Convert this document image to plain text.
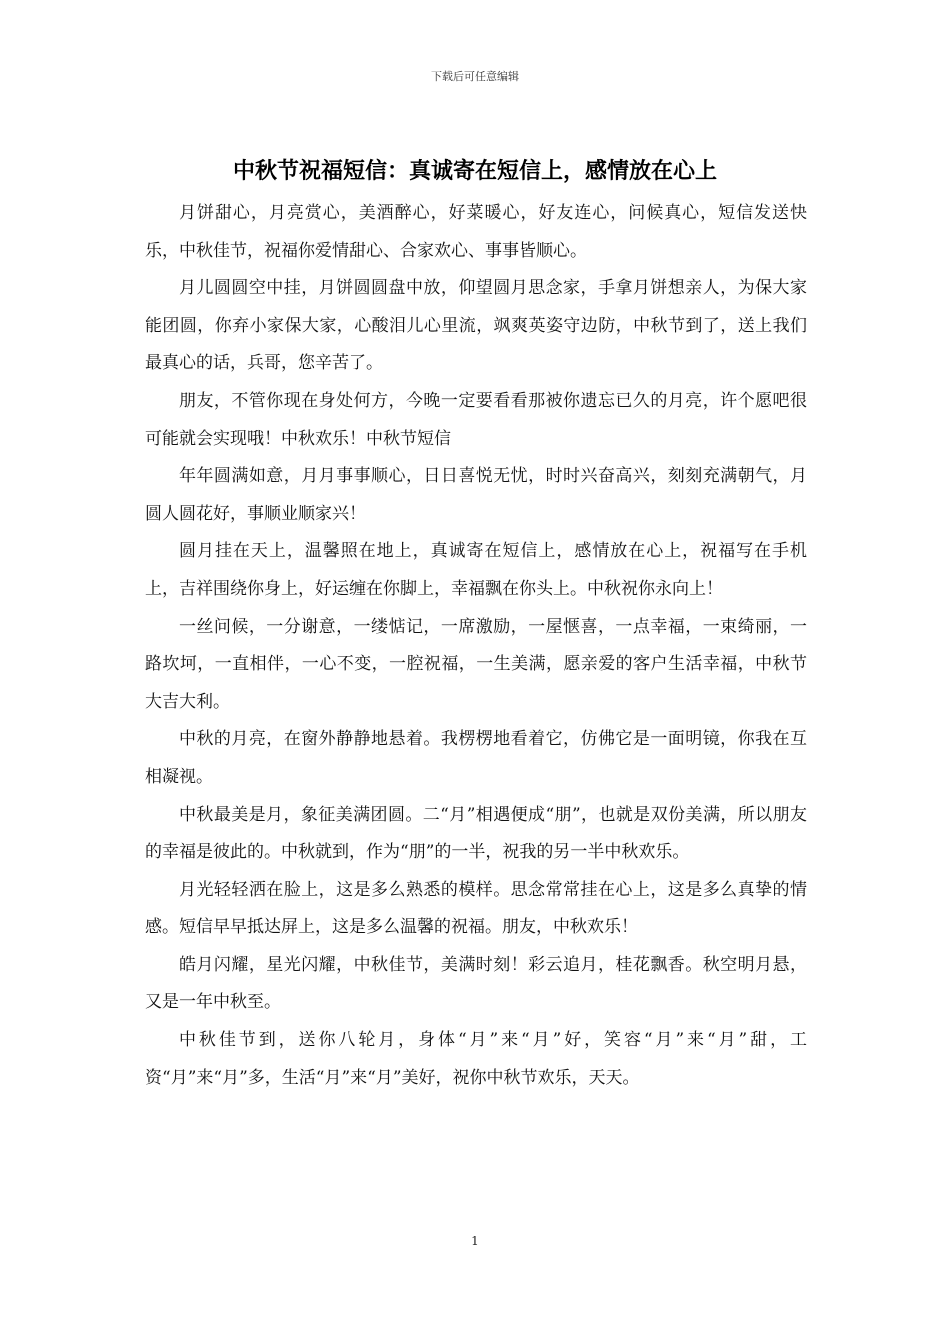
下载后可任意编辑
中秋节祝福短信：真诚寄在短信上，感情放在心上

月饼甜心，月亮赏心，美酒醉心，好菜暖心，好友连心，问候真心，短信发送快乐，中秋佳节，祝福你爱情甜心、合家欢心、事事皆顺心。

月儿圆圆空中挂，月饼圆圆盘中放，仰望圆月思念家，手拿月饼想亲人，为保大家能团圆，你弃小家保大家，心酸泪儿心里流，飒爽英姿守边防，中秋节到了，送上我们最真心的话，兵哥，您辛苦了。

朋友，不管你现在身处何方，今晚一定要看看那被你遗忘已久的月亮，许个愿吧很可能就会实现哦！中秋欢乐！中秋节短信

年年圆满如意，月月事事顺心，日日喜悦无忧，时时兴奋高兴，刻刻充满朝气，月圆人圆花好，事顺业顺家兴！

圆月挂在天上，温馨照在地上，真诚寄在短信上，感情放在心上，祝福写在手机上，吉祥围绕你身上，好运缠在你脚上，幸福飘在你头上。中秋祝你永向上！

一丝问候，一分谢意，一缕惦记，一席激励，一屋惬喜，一点幸福，一束绮丽，一路坎坷，一直相伴，一心不变，一腔祝福，一生美满，愿亲爱的客户生活幸福，中秋节大吉大利。

中秋的月亮，在窗外静静地悬着。我楞楞地看着它，仿佛它是一面明镜，你我在互相凝视。

中秋最美是月，象征美满团圆。二“月”相遇便成“朋”，也就是双份美满，所以朋友的幸福是彼此的。中秋就到，作为“朋”的一半，祝我的另一半中秋欢乐。

月光轻轻洒在脸上，这是多么熟悉的模样。思念常常挂在心上，这是多么真挚的情感。短信早早抵达屏上，这是多么温馨的祝福。朋友，中秋欢乐！

皓月闪耀，星光闪耀，中秋佳节，美满时刻！彩云追月，桂花飘香。秋空明月悬，又是一年中秋至。

中秋佳节到，送你八轮月，身体“月”来“月”好，笑容“月”来“月”甜，工资“月”来“月”多，生活“月”来“月”美好，祝你中秋节欢乐，天天。

1
